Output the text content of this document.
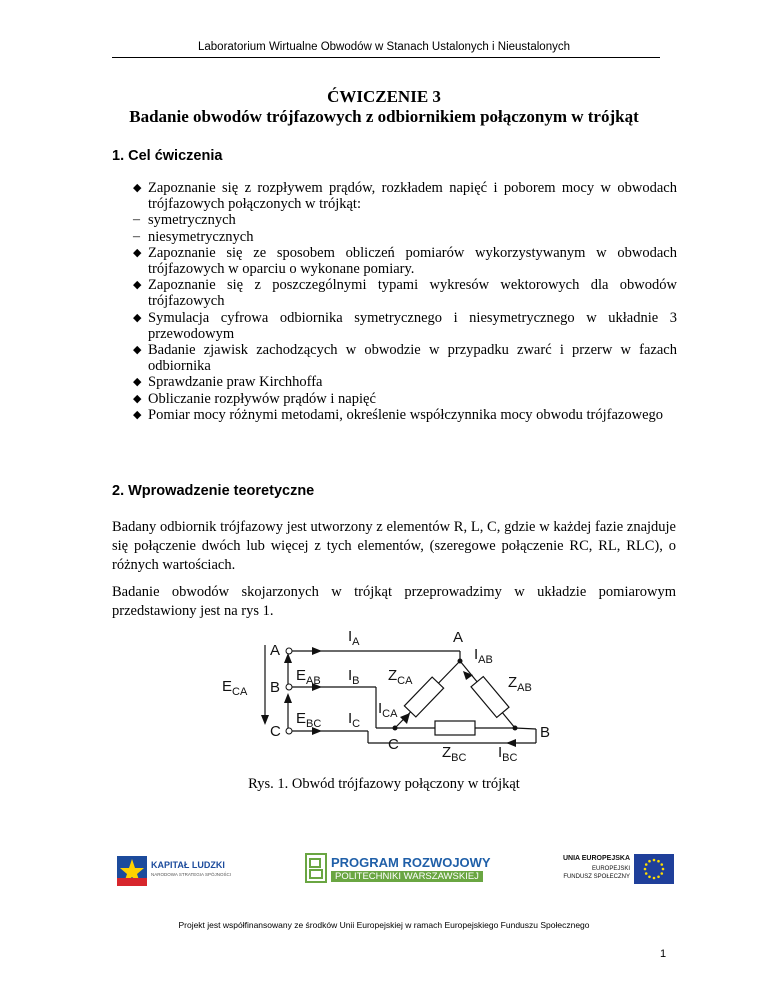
Laboratorium Wirtualne Obwodów w Stanach Ustalonych i Nieustalonych
ĆWICZENIE 3
Badanie obwodów trójfazowych z odbiornikiem połączonym w trójkąt
1. Cel ćwiczenia
◆ Zapoznanie się z rozpływem prądów, rozkładem napięć i poborem mocy w obwodach trójfazowych połączonych w trójkąt:
– symetrycznych
– niesymetrycznych
◆ Zapoznanie się ze sposobem obliczeń pomiarów wykorzystywanym w obwodach trójfazowych w oparciu o wykonane pomiary.
◆ Zapoznanie się z poszczególnymi typami wykresów wektorowych dla obwodów trójfazowych
◆ Symulacja cyfrowa odbiornika symetrycznego i niesymetrycznego w układnie 3 przewodowym
◆ Badanie zjawisk zachodzących w obwodzie w przypadku zwarć i przerw w fazach odbiornika
◆ Sprawdzanie praw Kirchhoffa
◆ Obliczanie rozpływów prądów i napięć
◆ Pomiar mocy różnymi metodami, określenie współczynnika mocy obwodu trójfazowego
2. Wprowadzenie teoretyczne

Badany odbiornik trójfazowy jest utworzony z elementów R, L, C, gdzie w każdej fazie znajduje się połączenie dwóch lub więcej z tych elementów, (szeregowe połączenie RC, RL, RLC), o różnych wartościach.

Badanie obwodów skojarzonych w trójkąt przeprowadzimy w układzie pomiarowym przedstawiony jest na rys 1.

A
B
C
A
B
C
$E_{CA}$
$E_{AB}$
$E_{BC}$
$I_A$
$I_B$
$I_C$
$I_{AB}$
$I_{CA}$
$I_{BC}$
$Z_{CA}$	$Z_{AB}$
$Z_{BC}$
Rys. 1. Obwód trójfazowy połączony w trójkąt
KAPITAŁ LUDZKI
NARODOWA STRATEGIA SPÓJNOŚCI
PROGRAM ROZWOJOWY
POLITECHNIKI WARSZAWSKIEJ
UNIA EUROPEJSKA
EUROPEJSKI
FUNDUSZ SPOŁECZNY
Projekt jest współfinansowany ze środków Unii Europejskiej w ramach Europejskiego Funduszu Społecznego
1
